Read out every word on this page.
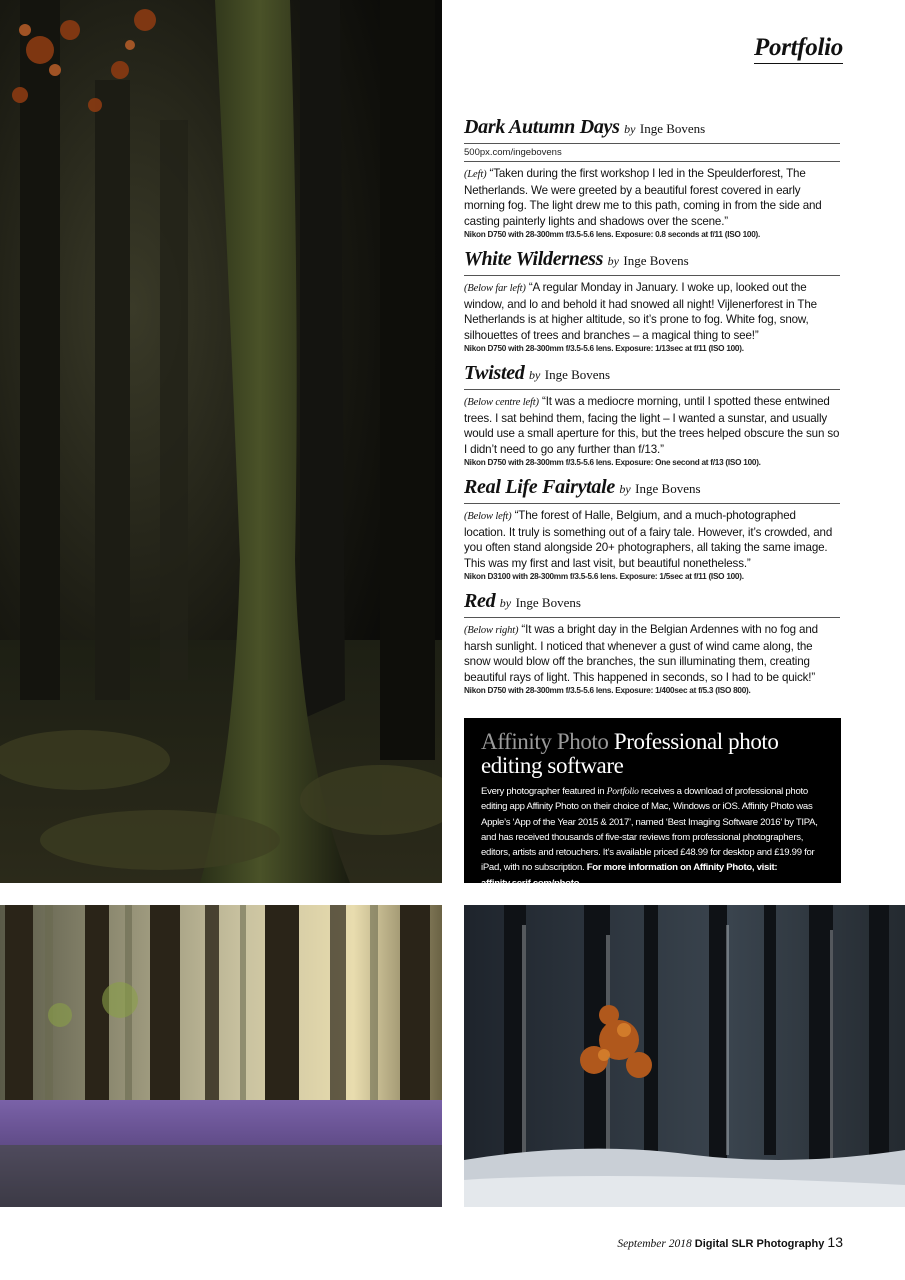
Portfolio
Dark Autumn Days by Inge Bovens
500px.com/ingebovens
(Left) “Taken during the first workshop I led in the Speulderforest, The Netherlands. We were greeted by a beautiful forest covered in early morning fog. The light drew me to this path, coming in from the side and casting painterly lights and shadows over the scene.”
Nikon D750 with 28-300mm f/3.5-5.6 lens. Exposure: 0.8 seconds at f/11 (ISO 100).
White Wilderness by Inge Bovens
(Below far left) “A regular Monday in January. I woke up, looked out the window, and lo and behold it had snowed all night! Vijlenerforest in The Netherlands is at higher altitude, so it’s prone to fog. White fog, snow, silhouettes of trees and branches – a magical thing to see!”
Nikon D750 with 28-300mm f/3.5-5.6 lens. Exposure: 1/13sec at f/11 (ISO 100).
Twisted by Inge Bovens
(Below centre left) “It was a mediocre morning, until I spotted these entwined trees. I sat behind them, facing the light – I wanted a sunstar, and usually would use a small aperture for this, but the trees helped obscure the sun so I didn’t need to go any further than f/13.”
Nikon D750 with 28-300mm f/3.5-5.6 lens. Exposure: One second at f/13 (ISO 100).
Real Life Fairytale by Inge Bovens
(Below left) “The forest of Halle, Belgium, and a much-photographed location. It truly is something out of a fairy tale. However, it’s crowded, and you often stand alongside 20+ photographers, all taking the same image. This was my first and last visit, but beautiful nonetheless.”
Nikon D3100 with 28-300mm f/3.5-5.6 lens. Exposure: 1/5sec at f/11 (ISO 100).
Red by Inge Bovens
(Below right) “It was a bright day in the Belgian Ardennes with no fog and harsh sunlight. I noticed that whenever a gust of wind came along, the snow would blow off the branches, the sun illuminating them, creating beautiful rays of light. This happened in seconds, so I had to be quick!”
Nikon D750 with 28-300mm f/3.5-5.6 lens. Exposure: 1/400sec at f/5.3 (ISO 800).
Affinity Photo Professional photo editing software
Every photographer featured in Portfolio receives a download of professional photo editing app Affinity Photo on their choice of Mac, Windows or iOS. Affinity Photo was Apple’s ‘App of the Year 2015 & 2017’, named ‘Best Imaging Software 2016’ by TIPA, and has received thousands of five-star reviews from professional photographers, editors, artists and retouchers. It’s available priced £48.99 for desktop and £19.99 for iPad, with no subscription. For more information on Affinity Photo, visit: affinity.serif.com/photo
September 2018 Digital SLR Photography 13
